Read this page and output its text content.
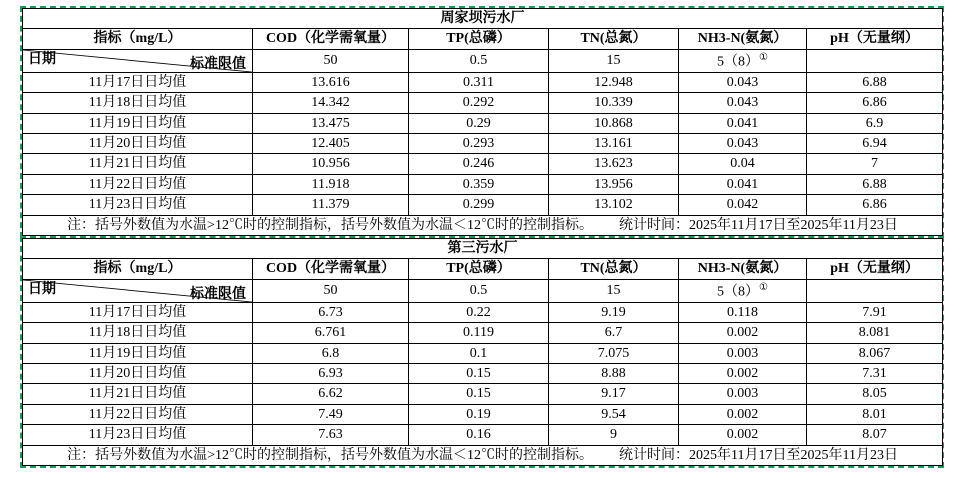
周家坝污水厂					
指标（mg/L）	COD（化学需氧量）	TP(总磷）	TN(总氮）	NH3-N(氨氮）	pH（无量纲）

日期 标准限值	50	0.5	15	5（8）①	
11月17日日均值	13.616	0.311	12.948	0.043	6.88
11月18日日均值	14.342	0.292	10.339	0.043	6.86
11月19日日均值	13.475	0.29	10.868	0.041	6.9
11月20日日均值	12.405	0.293	13.161	0.043	6.94
11月21日日均值	10.956	0.246	13.623	0.04	7
11月22日日均值	11.918	0.359	13.956	0.041	6.88
11月23日日均值	11.379	0.299	13.102	0.042	6.86
注：括号外数值为水温>12℃时的控制指标，括号外数值为水温＜12℃时的控制指标。 统计时间：2025年11月17日至2025年11月23日					
第三污水厂					
指标（mg/L）	COD（化学需氧量）	TP(总磷）	TN(总氮）	NH3-N(氨氮）	pH（无量纲）

日期 标准限值	50	0.5	15	5（8）①	
11月17日日均值	6.73	0.22	9.19	0.118	7.91
11月18日日均值	6.761	0.119	6.7	0.002	8.081
11月19日日均值	6.8	0.1	7.075	0.003	8.067
11月20日日均值	6.93	0.15	8.88	0.002	7.31
11月21日日均值	6.62	0.15	9.17	0.003	8.05
11月22日日均值	7.49	0.19	9.54	0.002	8.01
11月23日日均值	7.63	0.16	9	0.002	8.07
注：括号外数值为水温>12℃时的控制指标，括号外数值为水温＜12℃时的控制指标。 统计时间：2025年11月17日至2025年11月23日					
